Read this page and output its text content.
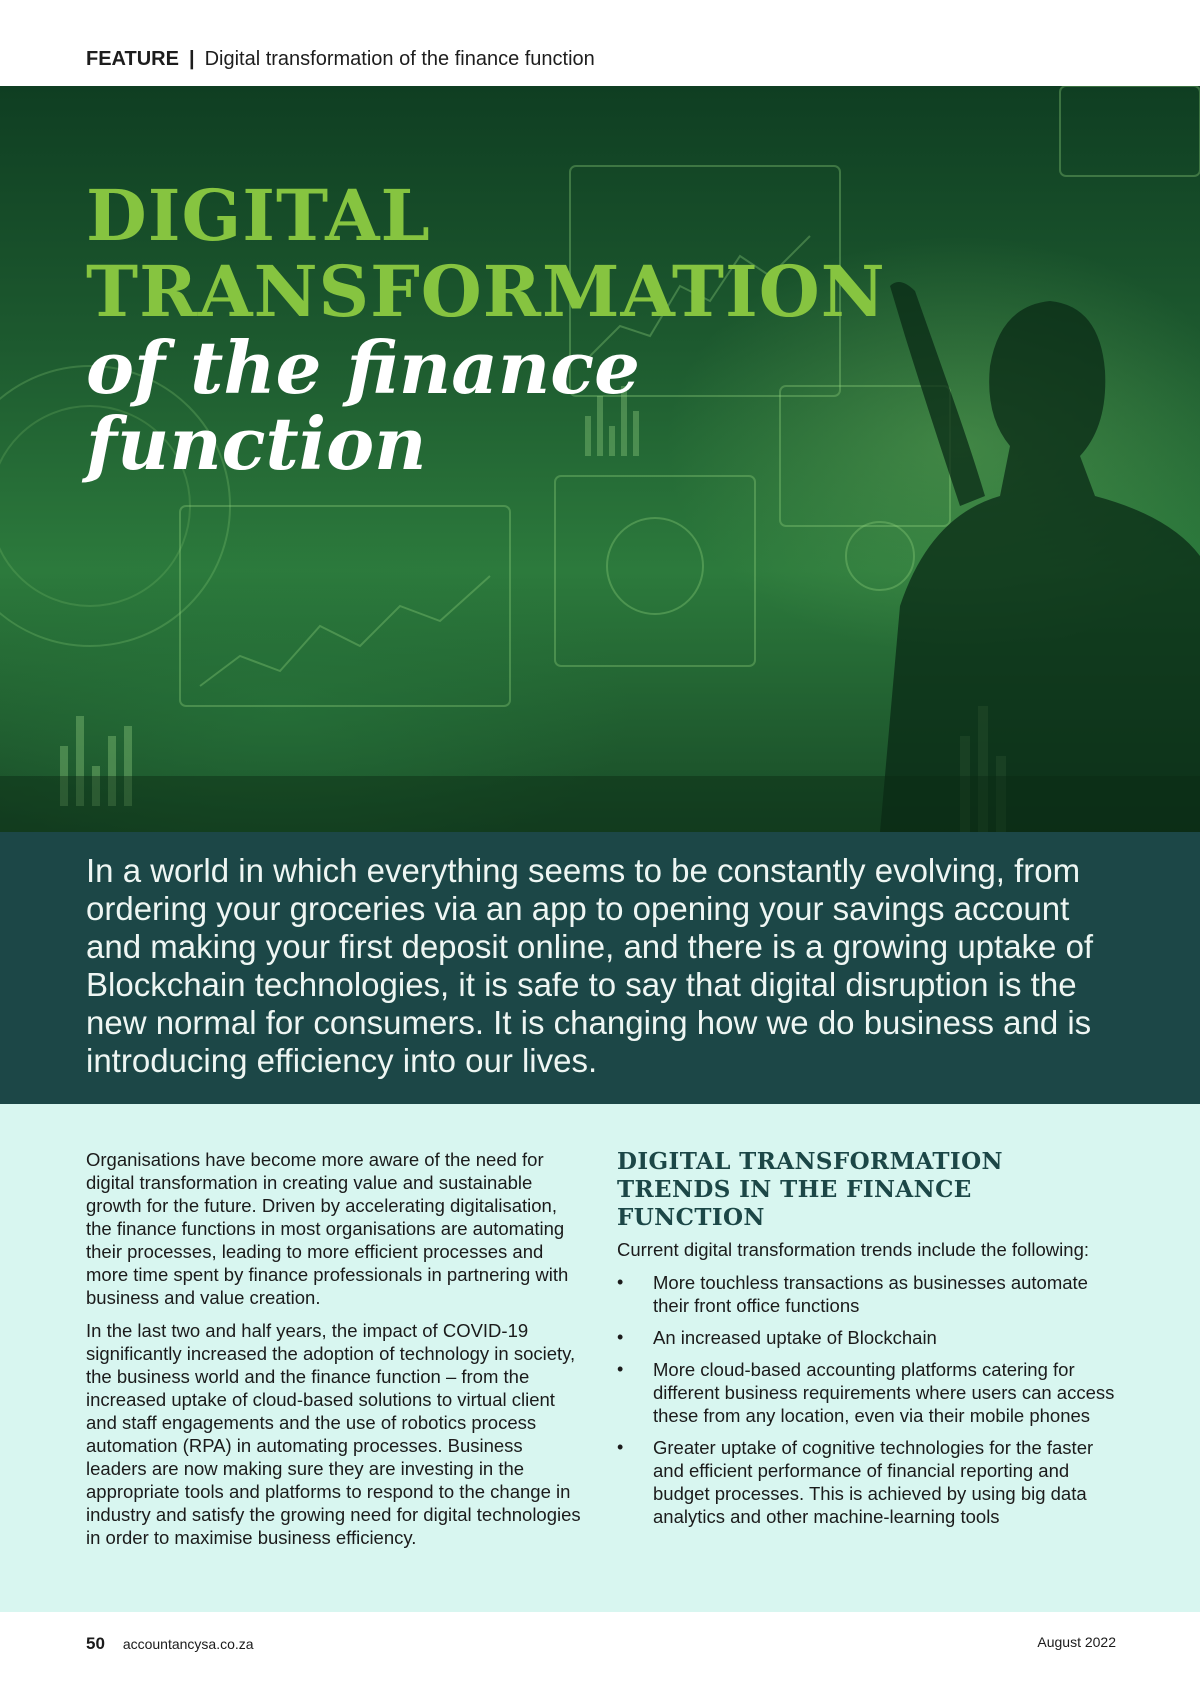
FEATURE | Digital transformation of the finance function
DIGITAL
TRANSFORMATION
of the finance
function

In a world in which everything seems to be constantly evolving, from ordering your groceries via an app to opening your savings account and making your first deposit online, and there is a growing uptake of Blockchain technologies, it is safe to say that digital disruption is the new normal for consumers. It is changing how we do business and is introducing efficiency into our lives.

Organisations have become more aware of the need for digital transformation in creating value and sustainable growth for the future. Driven by accelerating digitalisation, the finance functions in most organisations are automating their processes, leading to more efficient processes and more time spent by finance professionals in partnering with business and value creation.

In the last two and half years, the impact of COVID-19 significantly increased the adoption of technology in society, the business world and the finance function – from the increased uptake of cloud-based solutions to virtual client and staff engagements and the use of robotics process automation (RPA) in automating processes. Business leaders are now making sure they are investing in the appropriate tools and platforms to respond to the change in industry and satisfy the growing need for digital technologies in order to maximise business efficiency.

DIGITAL TRANSFORMATION TRENDS IN THE FINANCE FUNCTION

Current digital transformation trends include the following:

• More touchless transactions as businesses automate their front office functions
• An increased uptake of Blockchain
• More cloud-based accounting platforms catering for different business requirements where users can access these from any location, even via their mobile phones
• Greater uptake of cognitive technologies for the faster and efficient performance of financial reporting and budget processes. This is achieved by using big data analytics and other machine-learning tools
50 accountancysa.co.za	August 2022
